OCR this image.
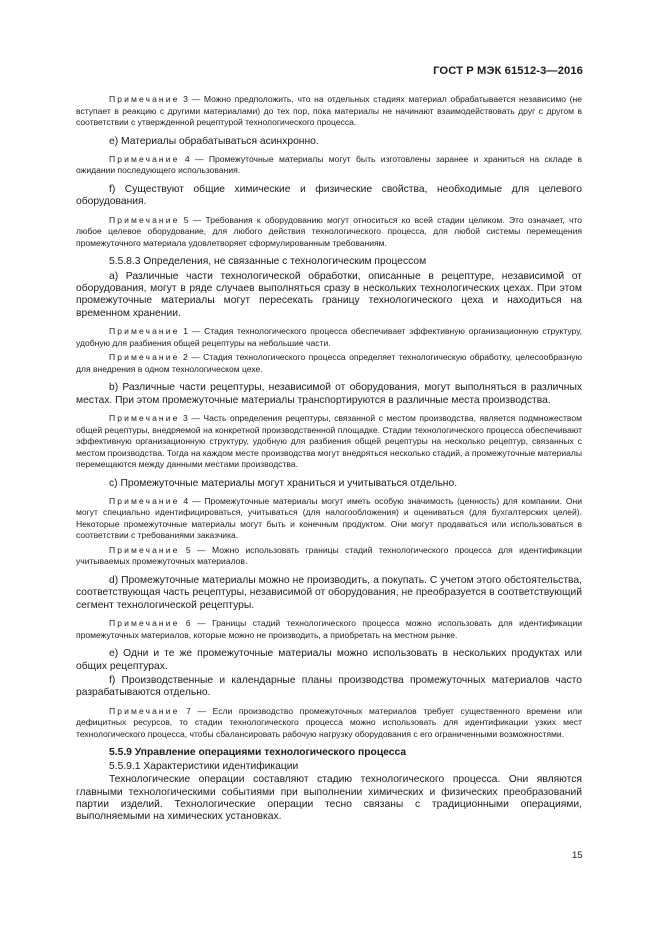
ГОСТ Р МЭК 61512-3—2016

Примечание 3 — Можно предположить, что на отдельных стадиях материал обрабатывается независимо (не вступает в реакцию с другими материалами) до тех пор, пока материалы не начинают взаимодействовать друг с другом в соответствии с утвержденной рецептурой технологического процесса.

e) Материалы обрабатываться асинхронно.

Примечание 4 — Промежуточные материалы могут быть изготовлены заранее и храниться на складе в ожидании последующего использования.

f) Существуют общие химические и физические свойства, необходимые для целевого оборудования.

Примечание 5 — Требования к оборудованию могут относиться ко всей стадии целиком. Это означает, что любое целевое оборудование, для любого действия технологического процесса, для любой системы перемещения промежуточного материала удовлетворяет сформулированным требованиям.

5.5.8.3 Определения, не связанные с технологическим процессом

a) Различные части технологической обработки, описанные в рецептуре, независимой от оборудования, могут в ряде случаев выполняться сразу в нескольких технологических цехах. При этом промежуточные материалы могут пересекать границу технологического цеха и находиться на временном хранении.

Примечание 1 — Стадия технологического процесса обеспечивает эффективную организационную структуру, удобную для разбиения общей рецептуры на небольшие части.

Примечание 2 — Стадия технологического процесса определяет технологическую обработку, целесообразную для внедрения в одном технологическом цехе.

b) Различные части рецептуры, независимой от оборудования, могут выполняться в различных местах. При этом промежуточные материалы транспортируются в различные места производства.

Примечание 3 — Часть определения рецептуры, связанной с местом производства, является подмножеством общей рецептуры, внедряемой на конкретной производственной площадке. Стадии технологического процесса обеспечивают эффективную организационную структуру, удобную для разбиения общей рецептуры на несколько рецептур, связанных с местом производства. Тогда на каждом месте производства могут внедряться несколько стадий, а промежуточные материалы перемещаются между данными местами производства.

c) Промежуточные материалы могут храниться и учитываться отдельно.

Примечание 4 — Промежуточные материалы могут иметь особую значимость (ценность) для компании. Они могут специально идентифицироваться, учитываться (для налогообложения) и оцениваться (для бухгалтерских целей). Некоторые промежуточные материалы могут быть и конечным продуктом. Они могут продаваться или использоваться в соответствии с требованиями заказчика.

Примечание 5 — Можно использовать границы стадий технологического процесса для идентификации учитываемых промежуточных материалов.

d) Промежуточные материалы можно не производить, а покупать. С учетом этого обстоятельства, соответствующая часть рецептуры, независимой от оборудования, не преобразуется в соответствующий сегмент технологической рецептуры.

Примечание 6 — Границы стадий технологического процесса можно использовать для идентификации промежуточных материалов, которые можно не производить, а приобретать на местном рынке.

e) Одни и те же промежуточные материалы можно использовать в нескольких продуктах или общих рецептурах.

f) Производственные и календарные планы производства промежуточных материалов часто разрабатываются отдельно.

Примечание 7 — Если производство промежуточных материалов требует существенного времени или дефицитных ресурсов, то стадии технологического процесса можно использовать для идентификации узких мест технологического процесса, чтобы сбалансировать рабочую нагрузку оборудования с его ограниченными возможностями.

5.5.9 Управление операциями технологического процесса

5.5.9.1 Характеристики идентификации

Технологические операции составляют стадию технологического процесса. Они являются главными технологическими событиями при выполнении химических и физических преобразований партии изделий. Технологические операции тесно связаны с традиционными операциями, выполняемыми на химических установках.

15
